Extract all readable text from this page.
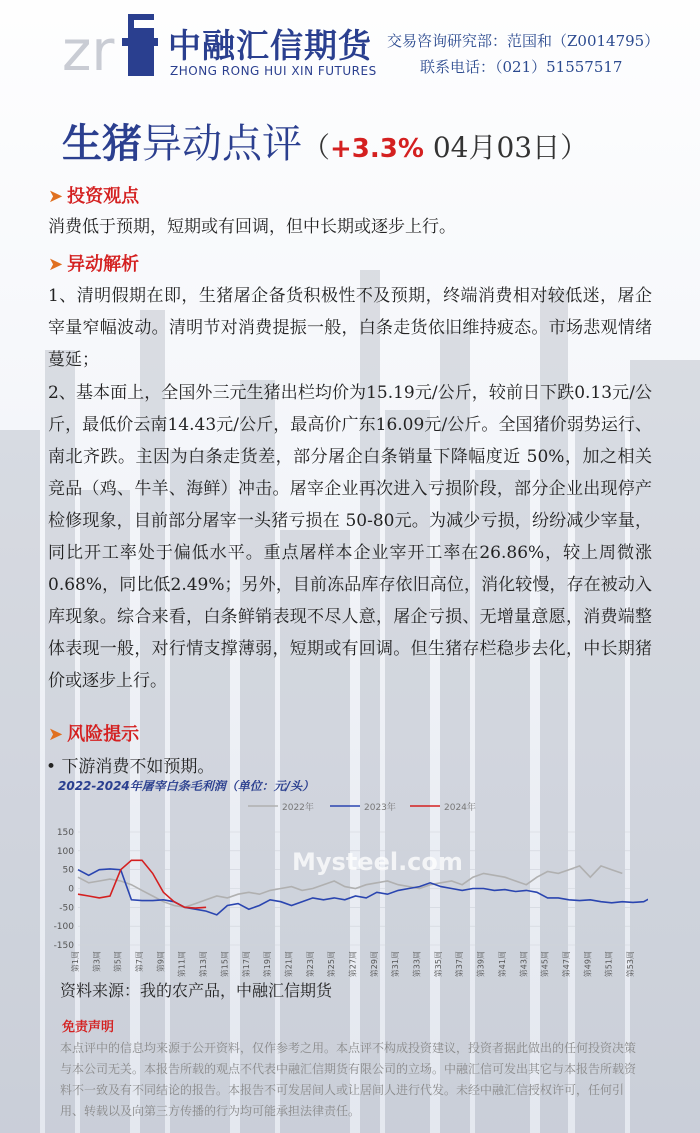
zr 中融汇信期货
ZHONG RONG HUI XIN FUTURES
交易咨询研究部：范国和（Z0014795）
联系电话：（021）51557517
生猪异动点评（+3.3% 04月03日）
➤ 投资观点
消费低于预期，短期或有回调，但中长期或逐步上行。
➤ 异动解析
1、清明假期在即，生猪屠企备货积极性不及预期，终端消费相对较低迷，屠企宰量窄幅波动。清明节对消费提振一般，白条走货依旧维持疲态。市场悲观情绪蔓延；
2、基本面上，全国外三元生猪出栏均价为15.19元/公斤，较前日下跌0.13元/公斤，最低价云南14.43元/公斤，最高价广东16.09元/公斤。全国猪价弱势运行、南北齐跌。主因为白条走货差，部分屠企白条销量下降幅度近 50%，加之相关竞品（鸡、牛羊、海鲜）冲击。屠宰企业再次进入亏损阶段，部分企业出现停产检修现象，目前部分屠宰一头猪亏损在 50-80元。为减少亏损，纷纷减少宰量，同比开工率处于偏低水平。重点屠样本企业宰开工率在26.86%，较上周微涨0.68%，同比低2.49%；另外，目前冻品库存依旧高位，消化较慢，存在被动入库现象。综合来看，白条鲜销表现不尽人意，屠企亏损、无增量意愿，消费端整体表现一般，对行情支撑薄弱，短期或有回调。但生猪存栏稳步去化，中长期猪价或逐步上行。
➤ 风险提示
• 下游消费不如预期。
2022-2024年屠宰白条毛利润（单位：元/头）
2022年	2023年	2024年
150
100
50
0
-50
-100
-150
第1周 第3周 第5周 第7周 第9周 第11周 第13周 第15周 第17周 第19周 第21周 第23周 第25周 第27周 第29周 第31周 第33周 第35周 第37周 第39周 第41周 第43周 第45周 第47周 第49周 第51周 第53周
Mysteel.com
资料来源：我的农产品，中融汇信期货
免责声明
本点评中的信息均来源于公开资料，仅作参考之用。本点评不构成投资建议，投资者据此做出的任何投资决策与本公司无关。本报告所载的观点不代表中融汇信期货有限公司的立场。中融汇信可发出其它与本报告所载资料不一致及有不同结论的报告。本报告不可发居间人或让居间人进行代发。未经中融汇信授权许可，任何引用、转载以及向第三方传播的行为均可能承担法律责任。
